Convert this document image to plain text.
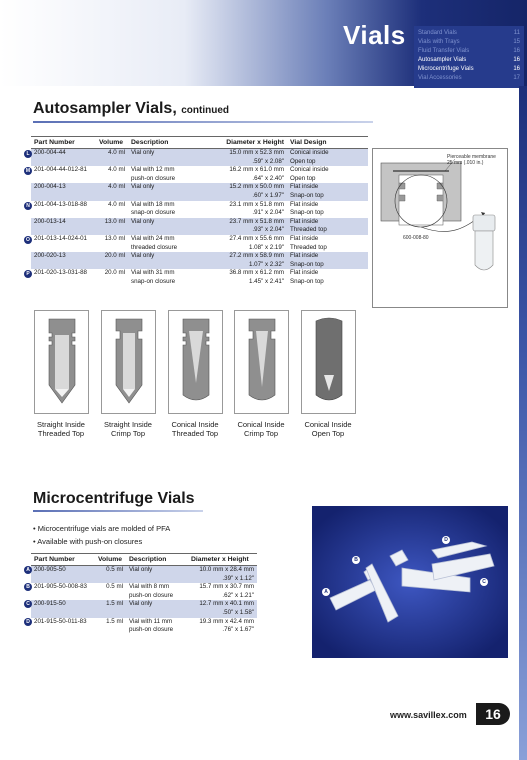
Vials Standard Vials	11
Vials with Trays	15
Fluid Transfer Vials	16
Autosampler Vials	16
Microcentrifuge Vials	16
Vial Accessories	17
Autosampler Vials, continued
Part Number	Volume	Description	Diameter x Height	Vial Design
200-004-44	4.0 ml	Vial only	15.0 mm x 52.3 mm	Conical inside
			.59" x 2.08"	Open top
201-004-44-012-81	4.0 ml	Vial with 12 mm	16.2 mm x 61.0 mm	Conical inside
		push-on closure	.64" x 2.40"	Open top
200-004-13	4.0 ml	Vial only	15.2 mm x 50.0 mm	Flat inside
			.60" x 1.97"	Snap-on top
201-004-13-018-88	4.0 ml	Vial with 18 mm	23.1 mm x 51.8 mm	Flat inside
		snap-on closure	.91" x 2.04"	Snap-on top
200-013-14	13.0 ml	Vial only	23.7 mm x 51.8 mm	Flat inside
			.93" x 2.04"	Threaded top
201-013-14-024-01	13.0 ml	Vial with 24 mm	27.4 mm x 55.6 mm	Flat inside
		threaded closure	1.08" x 2.19"	Threaded top
200-020-13	20.0 ml	Vial only	27.2 mm x 58.9 mm	Flat inside
			1.07" x 2.32"	Snap-on top
201-020-13-031-88	20.0 ml	Vial with 31 mm	36.8 mm x 61.2 mm	Flat inside
		snap-on closure	1.45" x 2.41"	Snap-on top
L
M
N
O
P
Pierceable membrane
25 mm (.010 in.)
600-008-80
Straight Inside
Threaded Top
Straight Inside
Crimp Top
Conical Inside
Threaded Top
Conical Inside
Crimp Top
Conical Inside
Open Top
Microcentrifuge Vials
• Microcentrifuge vials are molded of PFA
• Available with push-on closures
Part Number	Volume	Description	Diameter x Height
200-905-50	0.5 ml	Vial only	10.0 mm x 28.4 mm
			.39" x 1.12"
201-905-50-008-83	0.5 ml	Vial with 8 mm	15.7 mm x 30.7 mm
		push-on closure	.62" x 1.21"
200-915-50	1.5 ml	Vial only	12.7 mm x 40.1 mm
			.50" x 1.58"
201-915-50-011-83	1.5 ml	Vial with 11 mm	19.3 mm x 42.4 mm
		push-on closure	.76" x 1.67"
A
B
C
D
A
B
C
D
www.savillex.com	16
